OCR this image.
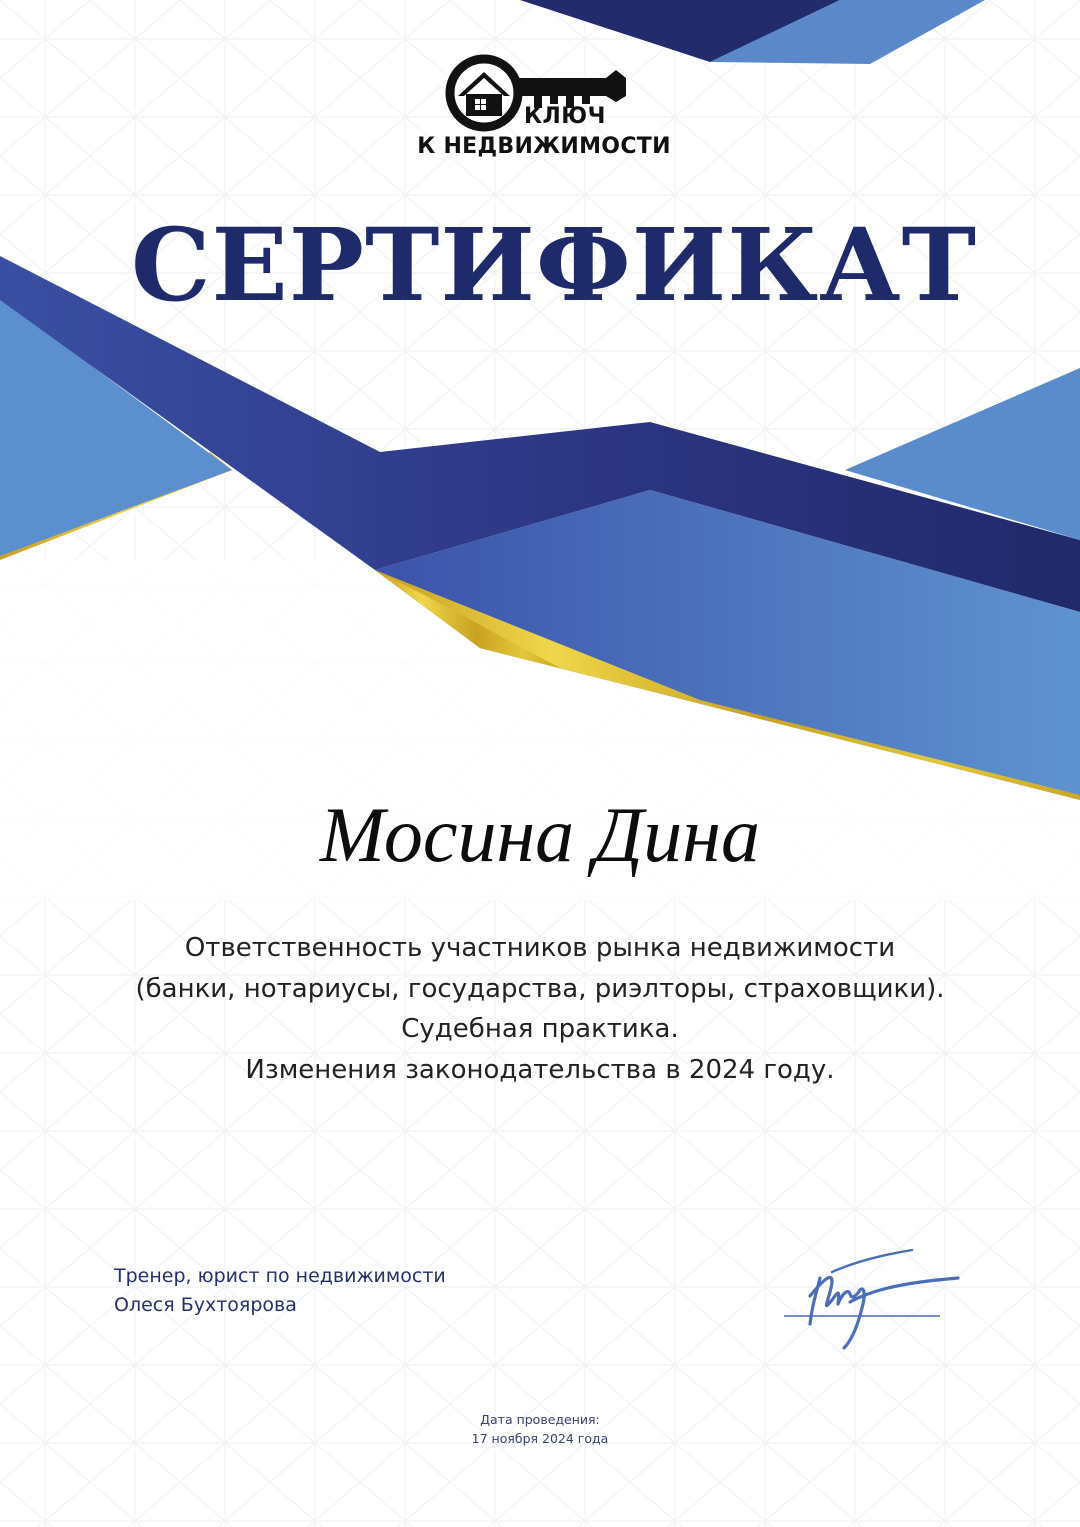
КЛЮЧ
К НЕДВИЖИМОСТИ
СЕРТИФИКАТ
Мосина Дина
Ответственность участников рынка недвижимости
(банки, нотариусы, государства, риэлторы, страховщики).
Судебная практика.
Изменения законодательства в 2024 году.
Тренер, юрист по недвижимости
Олеся Бухтоярова
Дата проведения:
17 ноября 2024 года
